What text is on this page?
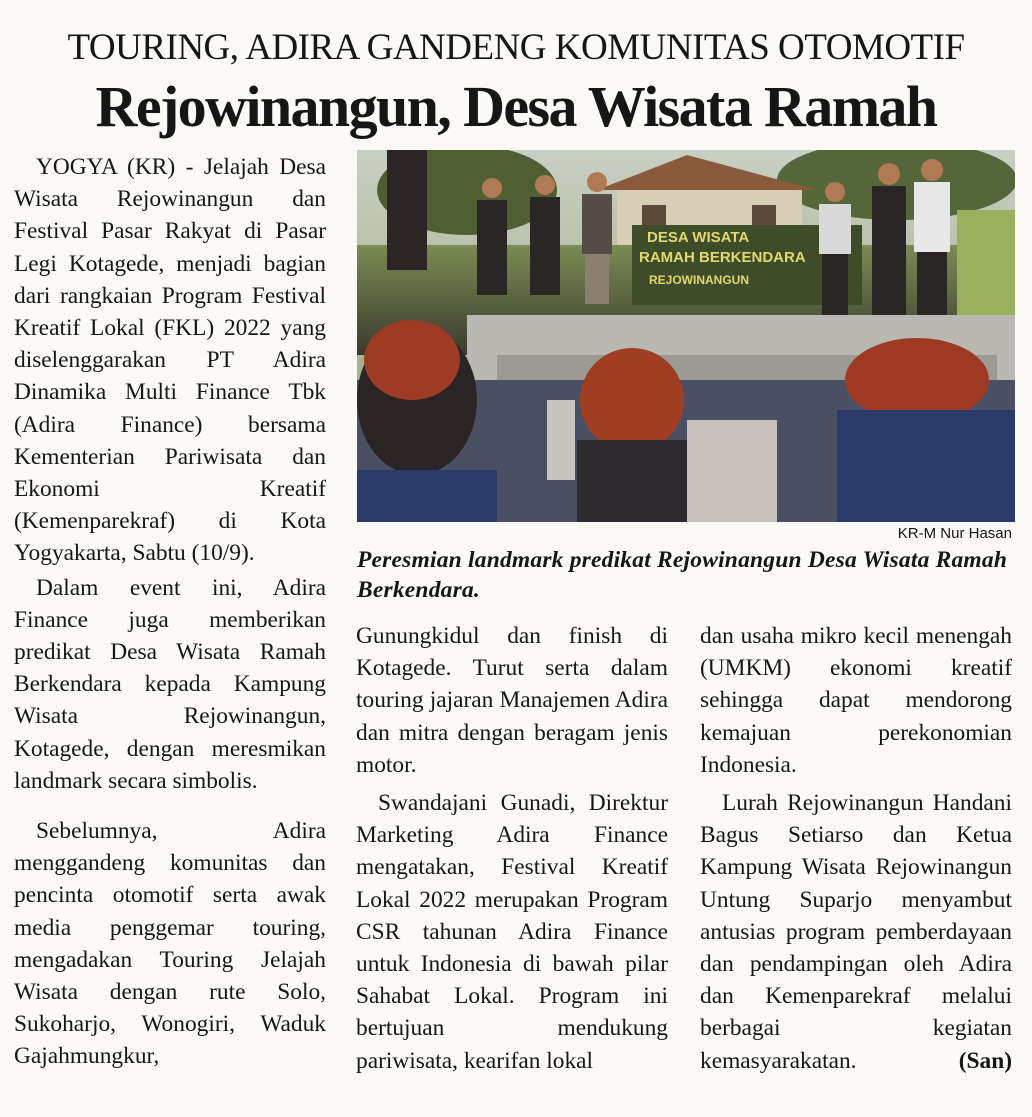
TOURING, ADIRA GANDENG KOMUNITAS OTOMOTIF
Rejowinangun, Desa Wisata Ramah

YOGYA (KR) - Jelajah Desa Wisata Rejowinangun dan Festival Pasar Rakyat di Pasar Legi Kotagede, menjadi bagian dari rangkaian Program Festival Kreatif Lokal (FKL) 2022 yang diselenggarakan PT Adira Dinamika Multi Finance Tbk (Adira Finance) bersama Kementerian Pariwisata dan Ekonomi Kreatif (Kemenparekraf) di Kota Yogyakarta, Sabtu (10/9).

Dalam event ini, Adira Finance juga memberikan predikat Desa Wisata Ramah Berkendara kepada Kampung Wisata Rejowinangun, Kotagede, dengan meresmikan landmark secara simbolis.

Sebelumnya, Adira menggandeng komunitas dan pencinta otomotif serta awak media penggemar touring, mengadakan Touring Jelajah Wisata dengan rute Solo, Sukoharjo, Wonogiri, Waduk Gajahmungkur,

DESA WISATA
RAMAH BERKENDARA
REJOWINANGUN
KR-M Nur Hasan
Peresmian landmark predikat Rejowinangun Desa Wisata Ramah Berkendara.

Gunungkidul dan finish di Kotagede. Turut serta dalam touring jajaran Manajemen Adira dan mitra dengan beragam jenis motor.

Swandajani Gunadi, Direktur Marketing Adira Finance mengatakan, Festival Kreatif Lokal 2022 merupakan Program CSR tahunan Adira Finance untuk Indonesia di bawah pilar Sahabat Lokal. Program ini bertujuan mendukung pariwisata, kearifan lokal

dan usaha mikro kecil menengah (UMKM) ekonomi kreatif sehingga dapat mendorong kemajuan perekonomian Indonesia.

Lurah Rejowinangun Handani Bagus Setiarso dan Ketua Kampung Wisata Rejowinangun Untung Suparjo menyambut antusias program pemberdayaan dan pendampingan oleh Adira dan Kemenparekraf melalui berbagai kegiatan kemasyarakatan.	(San)
